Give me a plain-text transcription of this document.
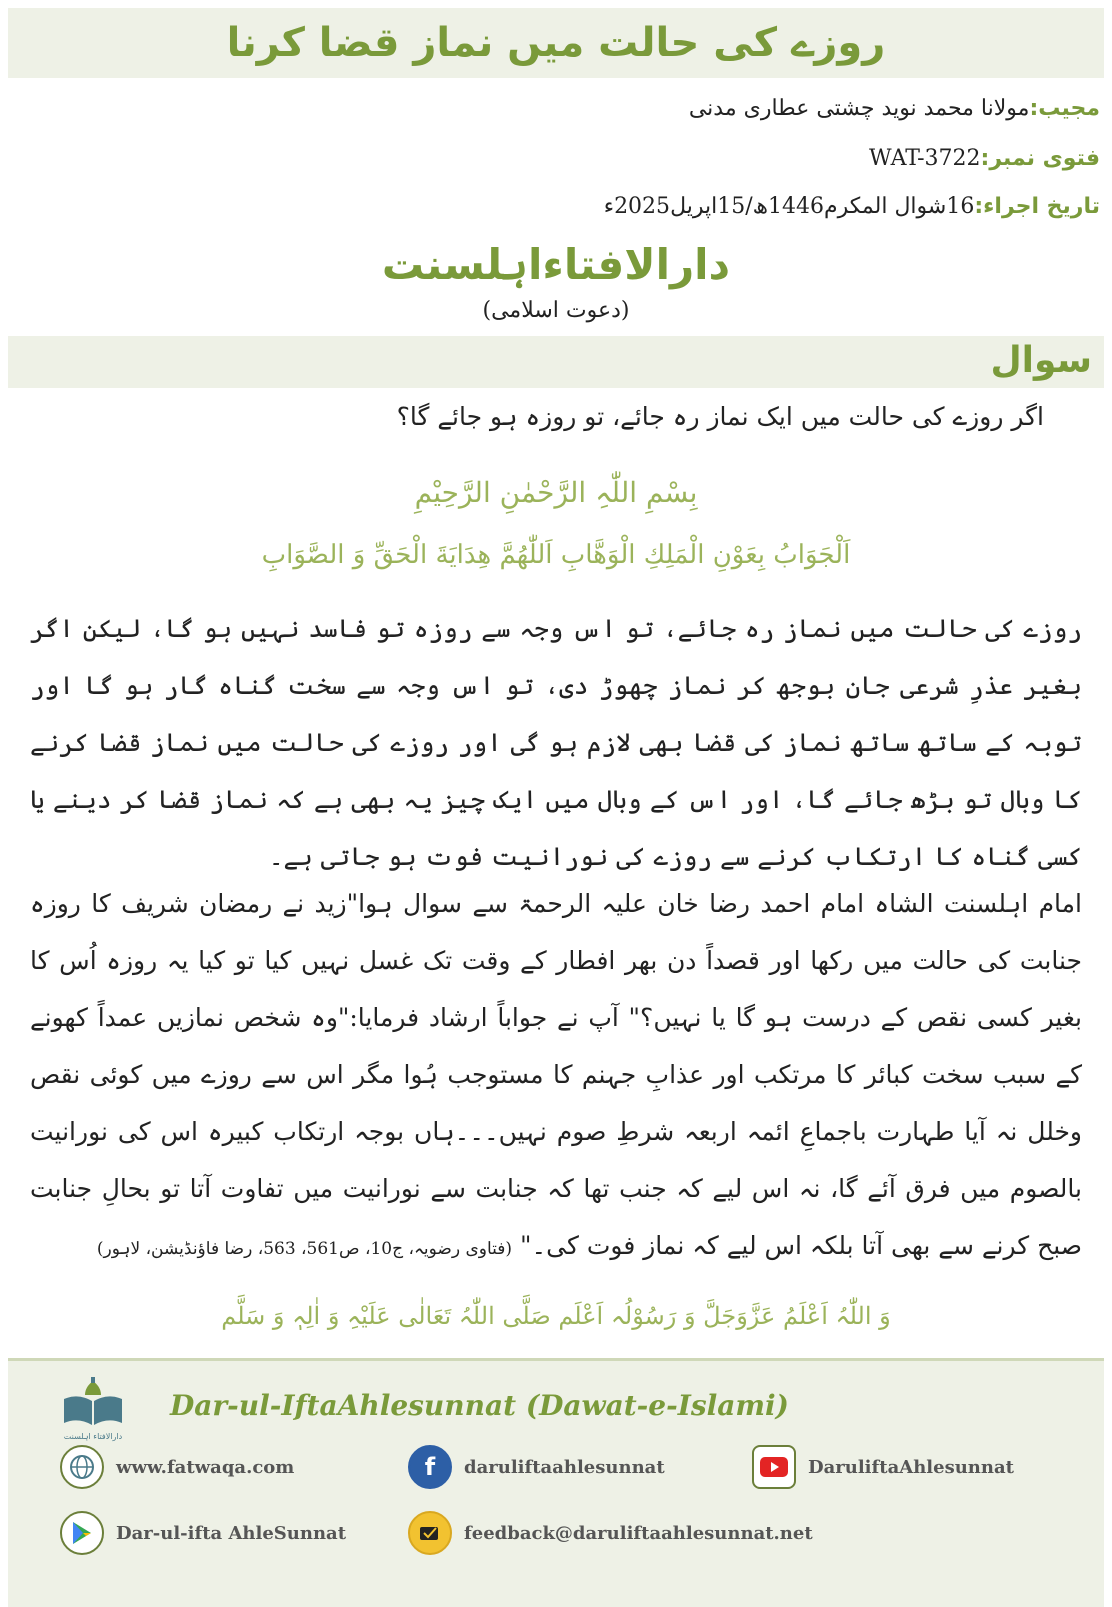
روزے کی حالت میں نماز قضا کرنا
مجیب:مولانا محمد نوید چشتی عطاری مدنی
فتوی نمبر:WAT-3722
تاریخ اجراء:16شوال المکرم1446ھ/15اپریل2025ء
دارالافتاءاہلسنت
(دعوت اسلامی)
سوال
اگر روزے کی حالت میں ایک نماز رہ جائے، تو روزہ ہو جائے گا؟
بِسْمِ اللّٰہِ الرَّحْمٰنِ الرَّحِیْمِ
اَلْجَوَابُ بِعَوْنِ الْمَلِكِ الْوَهَّابِ اَللّٰهُمَّ هِدَايَةَ الْحَقِّ وَ الصَّوَابِ

روزے کی حالت میں نماز رہ جائے، تو اس وجہ سے روزہ تو فاسد نہیں ہو گا، لیکن اگر بغیر عذرِ شرعی جان بوجھ کر نماز چھوڑ دی، تو اس وجہ سے سخت گناہ گار ہو گا اور توبہ کے ساتھ ساتھ نماز کی قضا بھی لازم ہو گی اور روزے کی حالت میں نماز قضا کرنے کا وبال تو بڑھ جائے گا، اور اس کے وبال میں ایک چیز یہ بھی ہے کہ نماز قضا کر دینے یا کسی گناہ کا ارتکاب کرنے سے روزے کی نورانیت فوت ہو جاتی ہے۔

امام اہلسنت الشاہ امام احمد رضا خان علیہ الرحمۃ سے سوال ہوا"زید نے رمضان شریف کا روزہ جنابت کی حالت میں رکھا اور قصداً دن بھر افطار کے وقت تک غسل نہیں کیا تو کیا یہ روزہ اُس کا بغیر کسی نقص کے درست ہو گا یا نہیں؟" آپ نے جواباً ارشاد فرمایا:"وہ شخص نمازیں عمداً کھونے کے سبب سخت کبائر کا مرتکب اور عذابِ جہنم کا مستوجب ہُوا مگر اس سے روزے میں کوئی نقص وخلل نہ آیا طہارت باجماعِ ائمہ اربعہ شرطِ صوم نہیں۔۔۔ہاں بوجہ ارتکاب کبیرہ اس کی نورانیت بالصوم میں فرق آئے گا، نہ اس لیے کہ جنب تھا کہ جنابت سے نورانیت میں تفاوت آتا تو بحالِ جنابت صبح کرنے سے بھی آتا بلکہ اس لیے کہ نماز فوت کی۔" (فتاوی رضویہ، ج10، ص561، 563، رضا فاؤنڈیشن، لاہور)

وَ اللّٰہُ اَعْلَمُ عَزَّوَجَلَّ وَ رَسُوْلُہ اَعْلَم صَلَّی اللّٰہُ تَعَالٰی عَلَیْہِ وَ اٰلِہٖ وَ سَلَّم
دارالافتاء اہلسنت
Dar-ul-IftaAhlesunnat (Dawat-e-Islami)
www.fatwaqa.com	f	daruliftaahlesunnat	DaruliftaAhlesunnat
Dar-ul-ifta AhleSunnat	feedback@daruliftaahlesunnat.net
